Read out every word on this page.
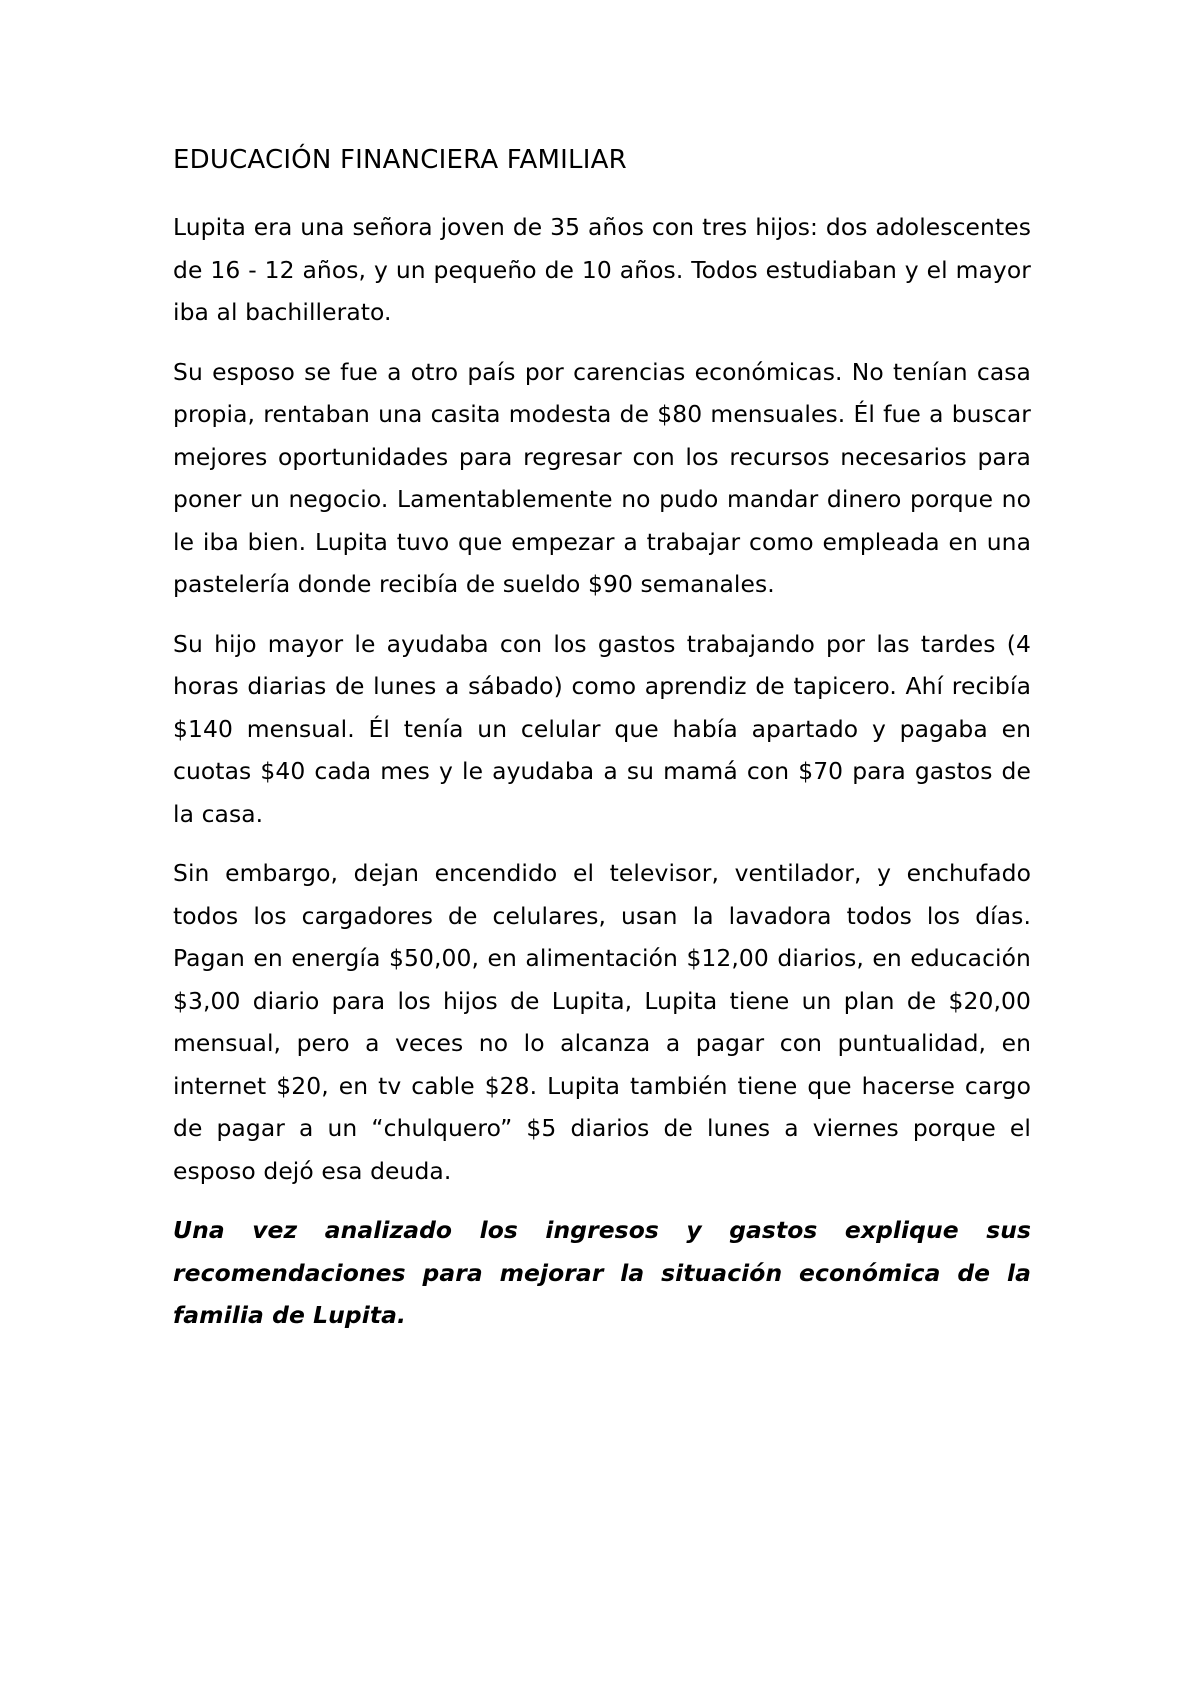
EDUCACIÓN FINANCIERA FAMILIAR

Lupita era una señora joven de 35 años con tres hijos: dos adolescentes de 16 - 12 años, y un pequeño de 10 años. Todos estudiaban y el mayor iba al bachillerato.

Su esposo se fue a otro país por carencias económicas. No tenían casa propia, rentaban una casita modesta de $80 mensuales. Él fue a buscar mejores oportunidades para regresar con los recursos necesarios para poner un negocio. Lamentablemente no pudo mandar dinero porque no le iba bien. Lupita tuvo que empezar a trabajar como empleada en una pastelería donde recibía de sueldo $90 semanales.

Su hijo mayor le ayudaba con los gastos trabajando por las tardes (4 horas diarias de lunes a sábado) como aprendiz de tapicero. Ahí recibía $140 mensual. Él tenía un celular que había apartado y pagaba en cuotas $40 cada mes y le ayudaba a su mamá con $70 para gastos de la casa.

Sin embargo, dejan encendido el televisor, ventilador, y enchufado todos los cargadores de celulares, usan la lavadora todos los días. Pagan en energía $50,00, en alimentación $12,00 diarios, en educación $3,00 diario para los hijos de Lupita, Lupita tiene un plan de $20,00 mensual, pero a veces no lo alcanza a pagar con puntualidad, en internet $20, en tv cable $28. Lupita también tiene que hacerse cargo de pagar a un “chulquero” $5 diarios de lunes a viernes porque el esposo dejó esa deuda.

Una vez analizado los ingresos y gastos explique sus recomendaciones para mejorar la situación económica de la familia de Lupita.
